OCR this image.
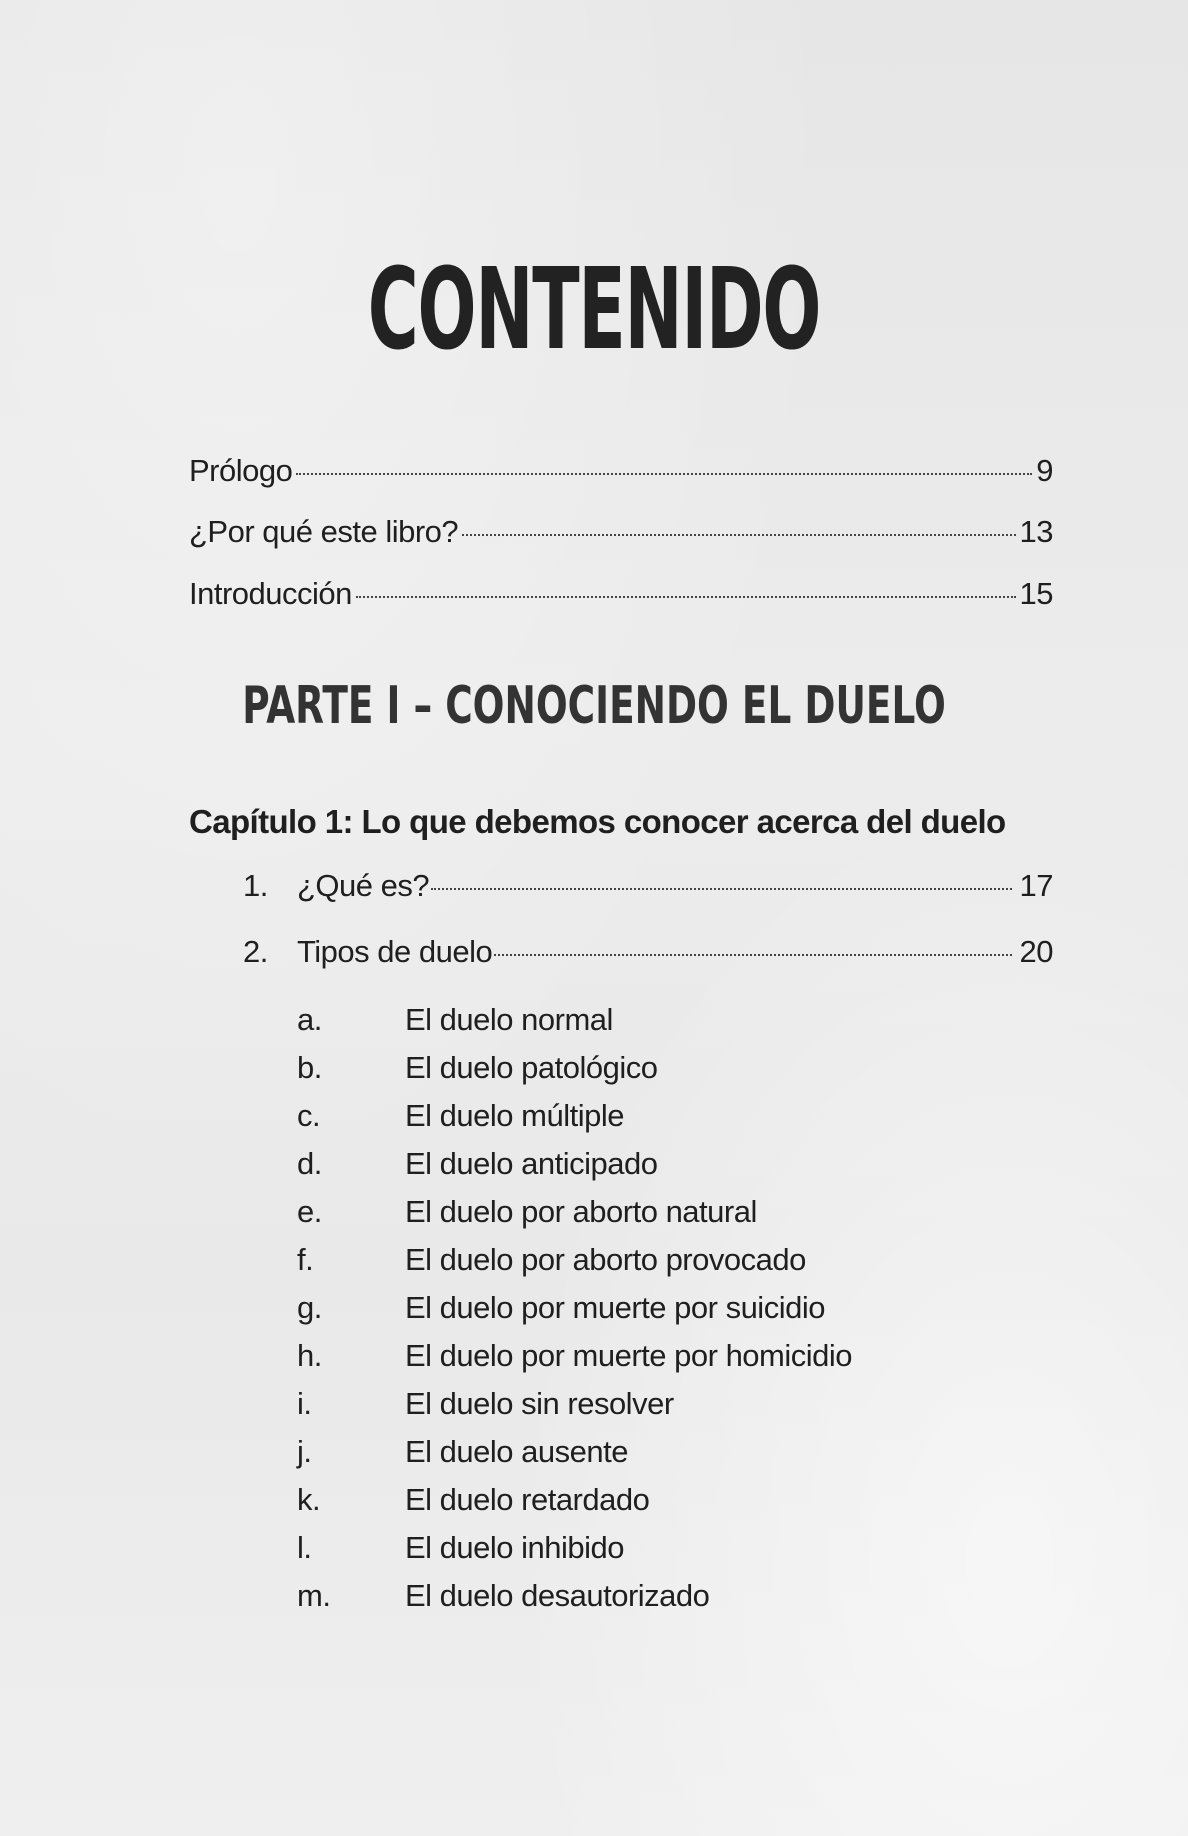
CONTENIDO
Prólogo	9
¿Por qué este libro?	13
Introducción	15
PARTE I – CONOCIENDO EL DUELO
Capítulo 1: Lo que debemos conocer acerca del duelo
1. ¿Qué es?	17
2. Tipos de duelo	20
a.	El duelo normal
b.	El duelo patológico
c.	El duelo múltiple
d.	El duelo anticipado
e.	El duelo por aborto natural
f.	El duelo por aborto provocado
g.	El duelo por muerte por suicidio
h.	El duelo por muerte por homicidio
i.	El duelo sin resolver
j.	El duelo ausente
k.	El duelo retardado
l.	El duelo inhibido
m.	El duelo desautorizado
